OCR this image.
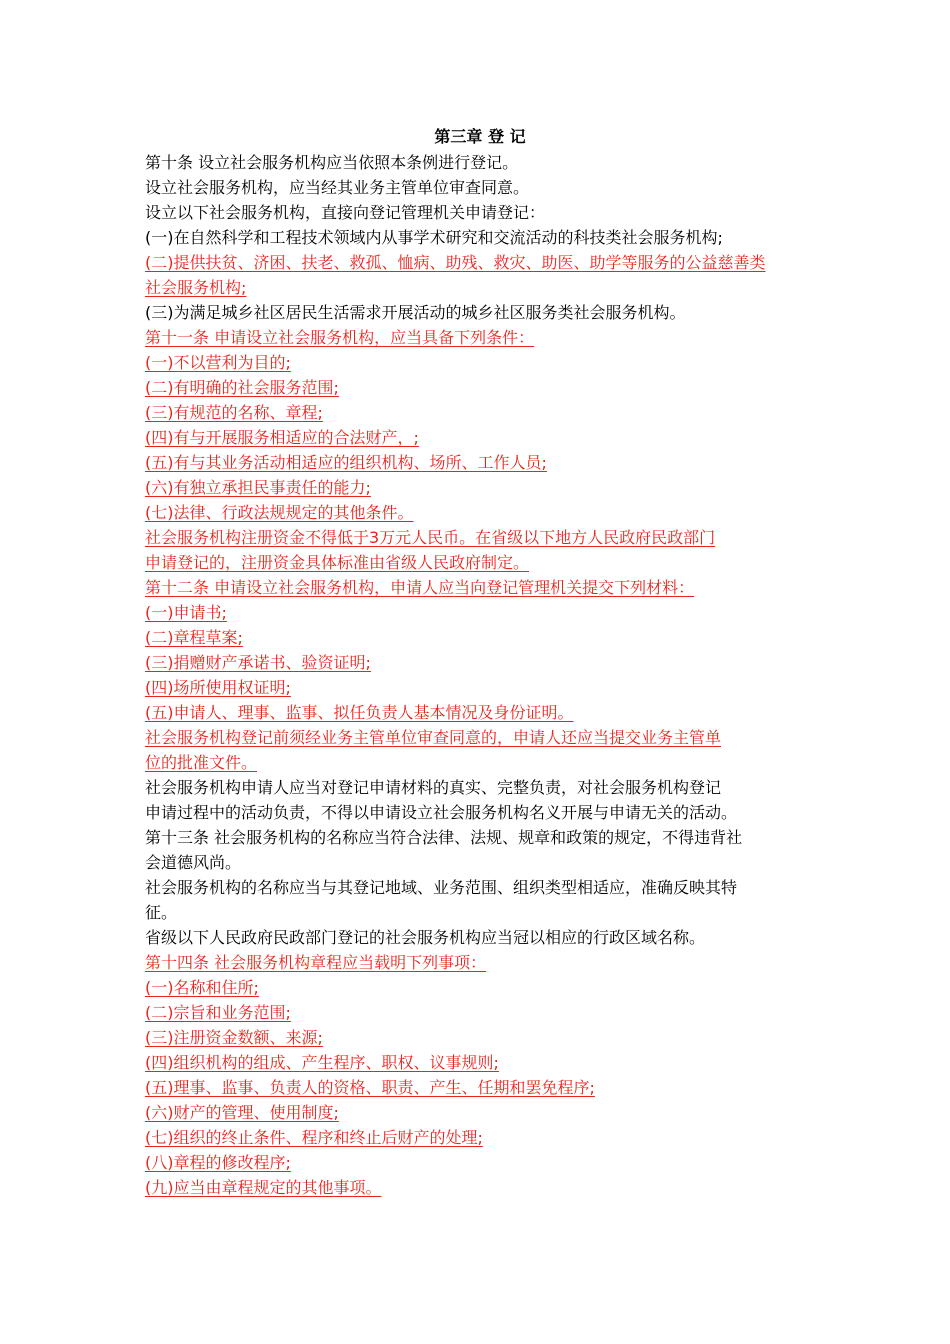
第三章 登 记
第十条 设立社会服务机构应当依照本条例进行登记。
设立社会服务机构，应当经其业务主管单位审查同意。
设立以下社会服务机构，直接向登记管理机关申请登记：
(一)在自然科学和工程技术领域内从事学术研究和交流活动的科技类社会服务机构;
(二)提供扶贫、济困、扶老、救孤、恤病、助残、救灾、助医、助学等服务的公益慈善类
社会服务机构;
(三)为满足城乡社区居民生活需求开展活动的城乡社区服务类社会服务机构。
第十一条 申请设立社会服务机构，应当具备下列条件：
(一)不以营利为目的;
(二)有明确的社会服务范围;
(三)有规范的名称、章程;
(四)有与开展服务相适应的合法财产，;
(五)有与其业务活动相适应的组织机构、场所、工作人员;
(六)有独立承担民事责任的能力;
(七)法律、行政法规规定的其他条件。
社会服务机构注册资金不得低于3万元人民币。在省级以下地方人民政府民政部门
申请登记的，注册资金具体标准由省级人民政府制定。
第十二条 申请设立社会服务机构，申请人应当向登记管理机关提交下列材料：
(一)申请书;
(二)章程草案;
(三)捐赠财产承诺书、验资证明;
(四)场所使用权证明;
(五)申请人、理事、监事、拟任负责人基本情况及身份证明。
社会服务机构登记前须经业务主管单位审查同意的，申请人还应当提交业务主管单
位的批准文件。
社会服务机构申请人应当对登记申请材料的真实、完整负责，对社会服务机构登记
申请过程中的活动负责，不得以申请设立社会服务机构名义开展与申请无关的活动。
第十三条 社会服务机构的名称应当符合法律、法规、规章和政策的规定，不得违背社
会道德风尚。
社会服务机构的名称应当与其登记地域、业务范围、组织类型相适应，准确反映其特
征。
省级以下人民政府民政部门登记的社会服务机构应当冠以相应的行政区域名称。
第十四条 社会服务机构章程应当载明下列事项：
(一)名称和住所;
(二)宗旨和业务范围;
(三)注册资金数额、来源;
(四)组织机构的组成、产生程序、职权、议事规则;
(五)理事、监事、负责人的资格、职责、产生、任期和罢免程序;
(六)财产的管理、使用制度;
(七)组织的终止条件、程序和终止后财产的处理;
(八)章程的修改程序;
(九)应当由章程规定的其他事项。
